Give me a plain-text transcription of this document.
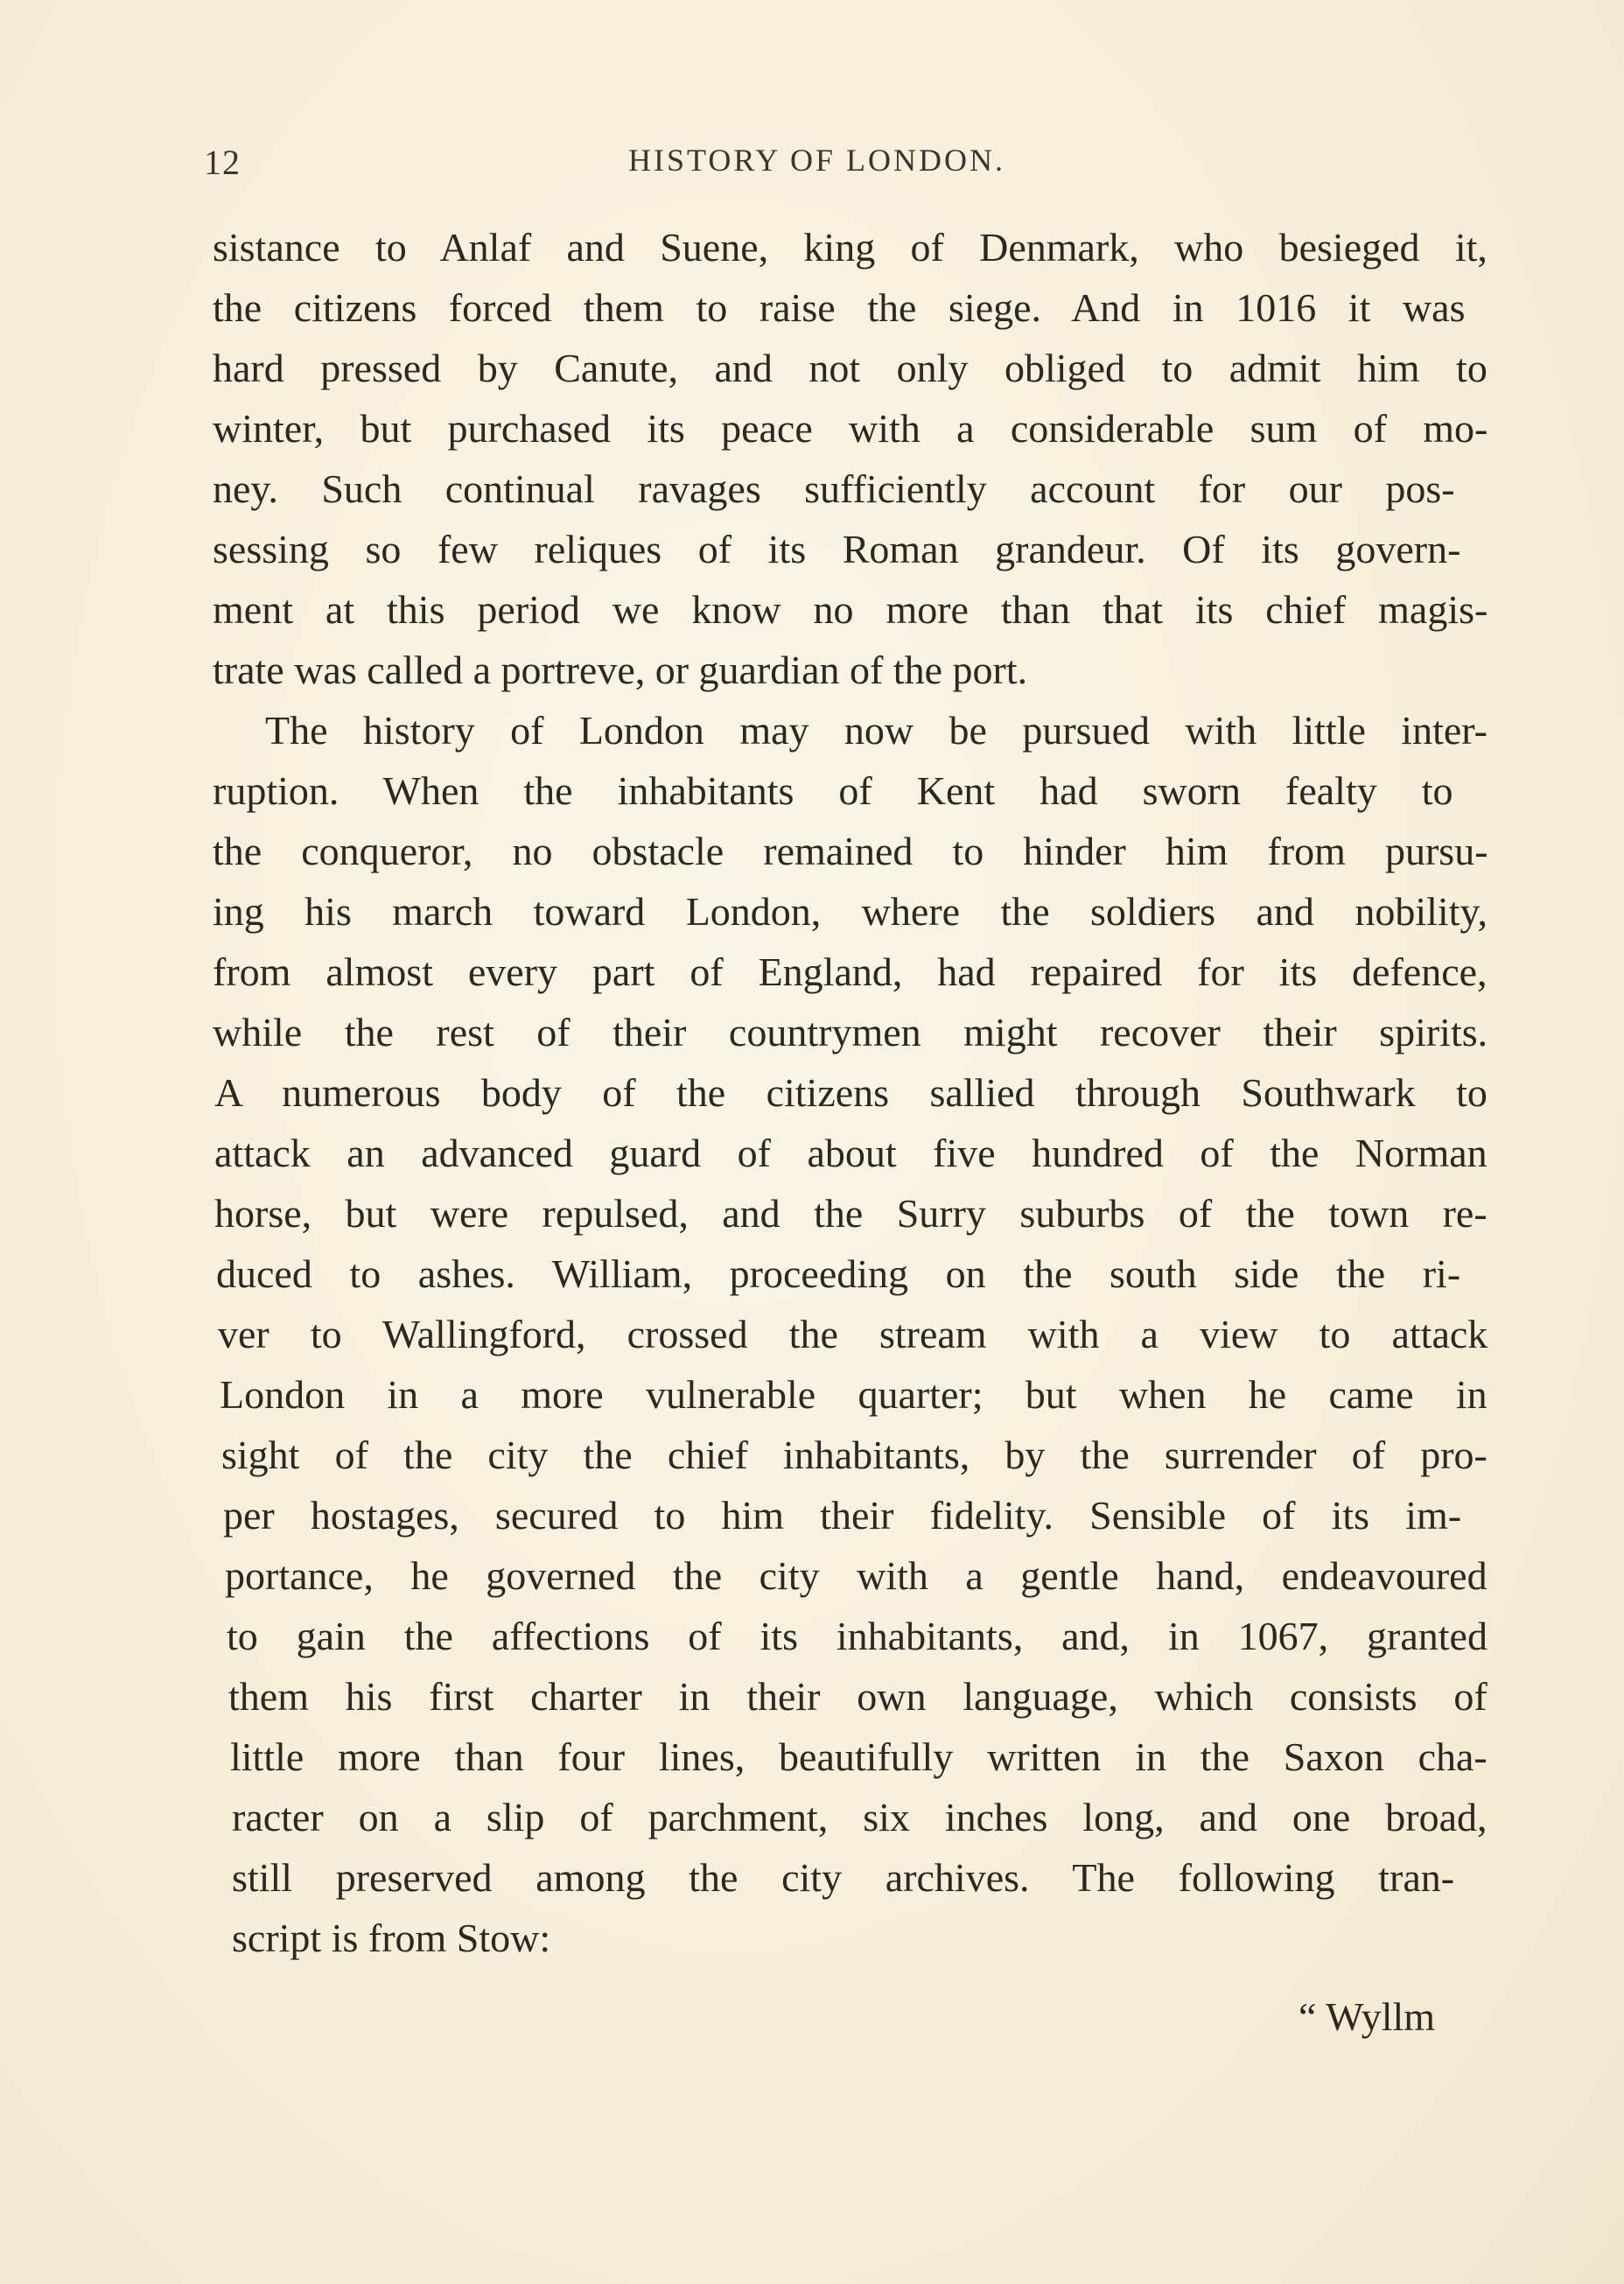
12	HISTORY OF LONDON.
sistance to Anlaf and Suene, king of Denmark, who besieged it,
the citizens forced them to raise the siege. And in 1016 it was
hard pressed by Canute, and not only obliged to admit him to
winter, but purchased its peace with a considerable sum of mo-
ney. Such continual ravages sufficiently account for our pos-
sessing so few reliques of its Roman grandeur. Of its govern-
ment at this period we know no more than that its chief magis-
trate was called a portreve, or guardian of the port.
The history of London may now be pursued with little inter-
ruption. When the inhabitants of Kent had sworn fealty to
the conqueror, no obstacle remained to hinder him from pursu-
ing his march toward London, where the soldiers and nobility,
from almost every part of England, had repaired for its defence,
while the rest of their countrymen might recover their spirits.
A numerous body of the citizens sallied through Southwark to
attack an advanced guard of about five hundred of the Norman
horse, but were repulsed, and the Surry suburbs of the town re-
duced to ashes. William, proceeding on the south side the ri-
ver to Wallingford, crossed the stream with a view to attack
London in a more vulnerable quarter; but when he came in
sight of the city the chief inhabitants, by the surrender of pro-
per hostages, secured to him their fidelity. Sensible of its im-
portance, he governed the city with a gentle hand, endeavoured
to gain the affections of its inhabitants, and, in 1067, granted
them his first charter in their own language, which consists of
little more than four lines, beautifully written in the Saxon cha-
racter on a slip of parchment, six inches long, and one broad,
still preserved among the city archives. The following tran-
script is from Stow:
“ Wyllm
